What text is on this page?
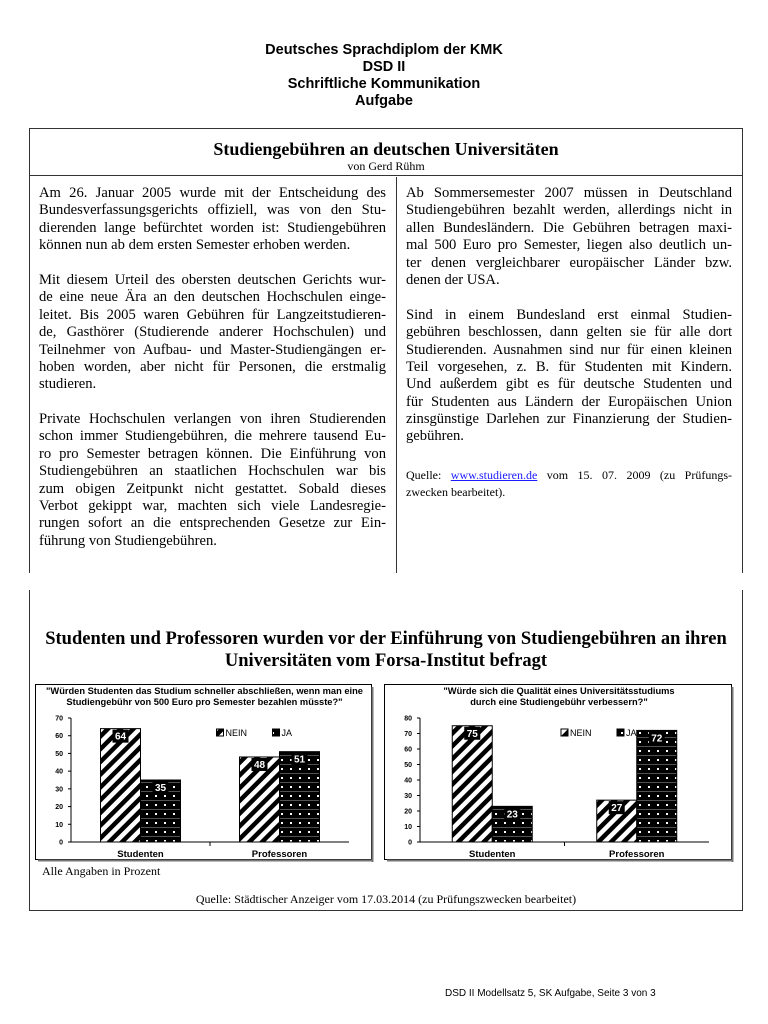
Deutsches Sprachdiplom der KMK
DSD II
Schriftliche Kommunikation
Aufgabe
Studiengebühren an deutschen Universitäten
von Gerd Rühm
Am 26. Januar 2005 wurde mit der Entscheidung des
Bundesverfassungsgerichts offiziell, was von den Stu-
dierenden lange befürchtet worden ist: Studiengebühren
können nun ab dem ersten Semester erhoben werden.
Mit diesem Urteil des obersten deutschen Gerichts wur-
de eine neue Ära an den deutschen Hochschulen einge-
leitet. Bis 2005 waren Gebühren für Langzeitstudieren-
de, Gasthörer (Studierende anderer Hochschulen) und
Teilnehmer von Aufbau- und Master-Studiengängen er-
hoben worden, aber nicht für Personen, die erstmalig
studieren.
Private Hochschulen verlangen von ihren Studierenden
schon immer Studiengebühren, die mehrere tausend Eu-
ro pro Semester betragen können. Die Einführung von
Studiengebühren an staatlichen Hochschulen war bis
zum obigen Zeitpunkt nicht gestattet. Sobald dieses
Verbot gekippt war, machten sich viele Landesregie-
rungen sofort an die entsprechenden Gesetze zur Ein-
führung von Studiengebühren.
Ab Sommersemester 2007 müssen in Deutschland
Studiengebühren bezahlt werden, allerdings nicht in
allen Bundesländern. Die Gebühren betragen maxi-
mal 500 Euro pro Semester, liegen also deutlich un-
ter denen vergleichbarer europäischer Länder bzw.
denen der USA.
Sind in einem Bundesland erst einmal Studien-
gebühren beschlossen, dann gelten sie für alle dort
Studierenden. Ausnahmen sind nur für einen kleinen
Teil vorgesehen, z. B. für Studenten mit Kindern.
Und außerdem gibt es für deutsche Studenten und
für Studenten aus Ländern der Europäischen Union
zinsgünstige Darlehen zur Finanzierung der Studien-
gebühren.
Quelle: www.studieren.de vom 15. 07. 2009 (zu Prüfungs-
zwecken bearbeitet).
Studenten und Professoren wurden vor der Einführung von Studiengebühren an ihren
Universitäten vom Forsa-Institut befragt
Alle Angaben in Prozent
Quelle: Städtischer Anzeiger vom 17.03.2014 (zu Prüfungszwecken bearbeitet)
"Würden Studenten das Studium schneller abschließen, wenn man eine
Studiengebühr von 500 Euro pro Semester bezahlen müsste?"
0
10
20
30
40
50
60
70
Studenten
64
35
Professoren
48	51
NEIN	JA
"Würde sich die Qualität eines Universitätsstudiums
durch eine Studiengebühr verbessern?"
0
10
20
30
40
50
60
70
80
Studenten
75
23
Professoren
27
72
NEIN	JA
DSD II Modellsatz 5, SK Aufgabe, Seite 3 von 3
